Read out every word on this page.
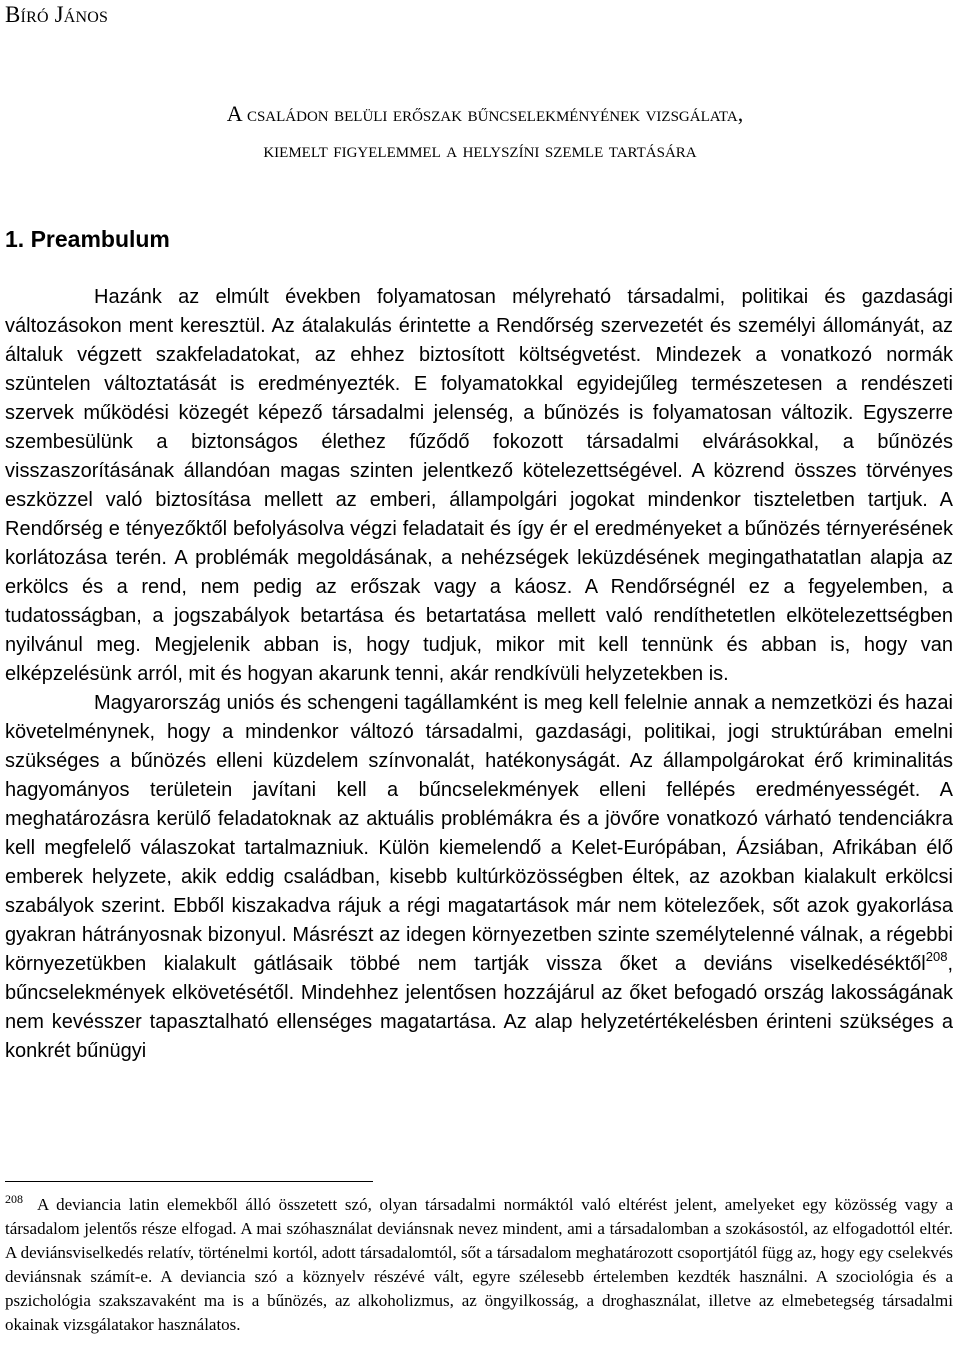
Bíró János
A családon belüli erőszak bűncselekményének vizsgálata,
kiemelt figyelemmel a helyszíni szemle tartására
1. Preambulum

Hazánk az elmúlt években folyamatosan mélyreható társadalmi, politikai és gazdasági változásokon ment keresztül. Az átalakulás érintette a Rendőrség szervezetét és személyi állományát, az általuk végzett szakfeladatokat, az ehhez biztosított költségvetést. Mindezek a vonatkozó normák szüntelen változtatását is eredményezték. E folyamatokkal egyidejűleg természetesen a rendészeti szervek működési közegét képező társadalmi jelenség, a bűnözés is folyamatosan változik. Egyszerre szembesülünk a biztonságos élethez fűződő fokozott társadalmi elvárásokkal, a bűnözés visszaszorításának állandóan magas szinten jelentkező kötelezettségével. A közrend összes törvényes eszközzel való biztosítása mellett az emberi, állampolgári jogokat mindenkor tiszteletben tartjuk. A Rendőrség e tényezőktől befolyásolva végzi feladatait és így ér el eredményeket a bűnözés térnyerésének korlátozása terén. A problémák megoldásának, a nehézségek leküzdésének megingathatatlan alapja az erkölcs és a rend, nem pedig az erőszak vagy a káosz. A Rendőrségnél ez a fegyelemben, a tudatosságban, a jogszabályok betartása és betartatása mellett való rendíthetetlen elkötelezettségben nyilvánul meg. Megjelenik abban is, hogy tudjuk, mikor mit kell tennünk és abban is, hogy van elképzelésünk arról, mit és hogyan akarunk tenni, akár rendkívüli helyzetekben is.

Magyarország uniós és schengeni tagállamként is meg kell felelnie annak a nemzetközi és hazai követelménynek, hogy a mindenkor változó társadalmi, gazdasági, politikai, jogi struktúrában emelni szükséges a bűnözés elleni küzdelem színvonalát, hatékonyságát. Az állampolgárokat érő kriminalitás hagyományos területein javítani kell a bűncselekmények elleni fellépés eredményességét. A meghatározásra kerülő feladatoknak az aktuális problémákra és a jövőre vonatkozó várható tendenciákra kell megfelelő válaszokat tartalmazniuk. Külön kiemelendő a Kelet-Európában, Ázsiában, Afrikában élő emberek helyzete, akik eddig családban, kisebb kultúrközösségben éltek, az azokban kialakult erkölcsi szabályok szerint. Ebből kiszakadva rájuk a régi magatartások már nem kötelezőek, sőt azok gyakorlása gyakran hátrányosnak bizonyul. Másrészt az idegen környezetben szinte személytelenné válnak, a régebbi környezetükben kialakult gátlásaik többé nem tartják vissza őket a deviáns viselkedéséktől$^{208}$, bűncselekmények elkövetésétől. Mindehhez jelentősen hozzájárul az őket befogadó ország lakosságának nem kevésszer tapasztalható ellenséges magatartása. Az alap helyzetértékelésben érinteni szükséges a konkrét bűnügyi

$^{208}$ A deviancia latin elemekből álló összetett szó, olyan társadalmi normáktól való eltérést jelent, amelyeket egy közösség vagy a társadalom jelentős része elfogad. A mai szóhasználat deviánsnak nevez mindent, ami a társadalomban a szokásostól, az elfogadottól eltér. A deviánsviselkedés relatív, történelmi kortól, adott társadalomtól, sőt a társadalom meghatározott csoportjától függ az, hogy egy cselekvés deviánsnak számít-e. A deviancia szó a köznyelv részévé vált, egyre szélesebb értelemben kezdték használni. A szociológia és a pszichológia szakszavaként ma is a bűnözés, az alkoholizmus, az öngyilkosság, a droghasználat, illetve az elmebetegség társadalmi okainak vizsgálatakor használatos.
